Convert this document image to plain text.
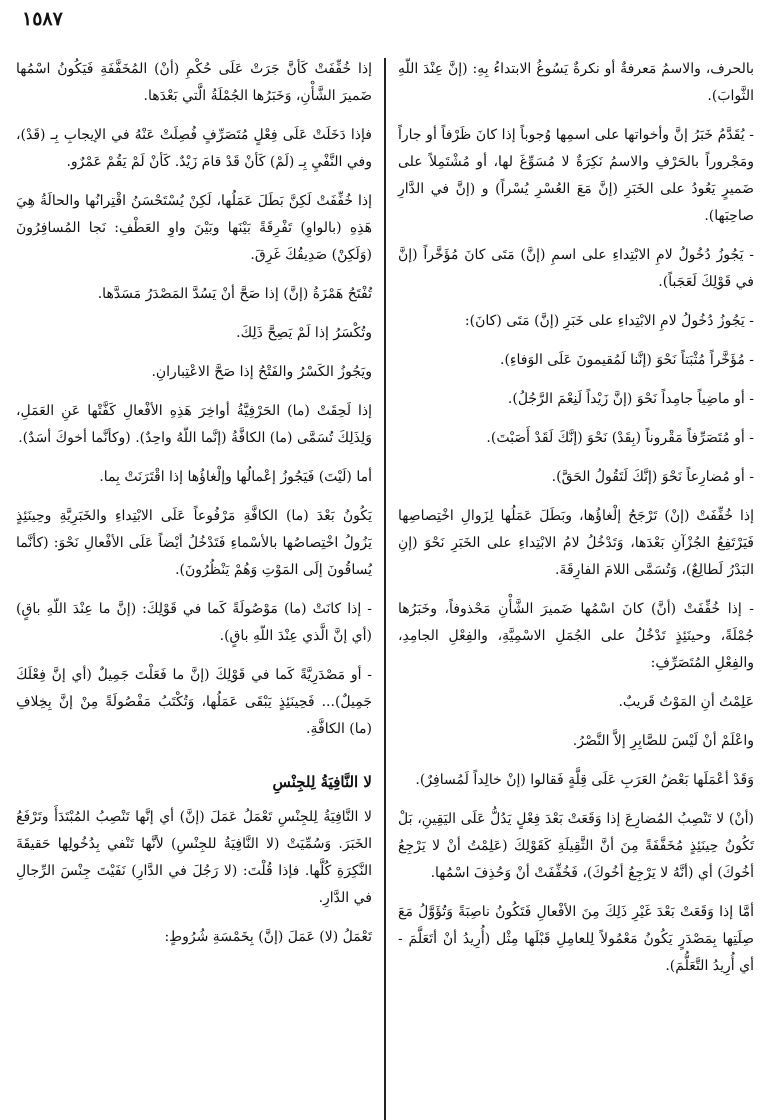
١٥٨٧

بالحرف، والاسمُ مَعرفةٌ أو نكرةٌ يَسُوغُ الابتداءُ بِهِ: (إنَّ عِنْدَ اللّهِ الثَّوابَ).

- يُقَدَّمُ خَبَرُ إنَّ وأخواتها على اسمِها وُجوباً إذا كانَ ظَرْفاً أو جاراً ومَجْروراً بالحَرْفِ والاسمُ نَكِرَةٌ لا مُسَوِّغَ لها، أو مُشْتَمِلاً على ضَميرٍ يَعُودُ على الخَبَرِ (إنَّ مَعَ العُسْرِ يُسْراً) و (إنَّ في الدَّارِ صاحِبَها).

- يَجُوزُ دُخُولُ لامِ الابْتِداءِ على اسمِ (إنَّ) مَتَى كانَ مُؤَخَّراً (إنَّ في قَوْلِكَ لَعَجَباً).

- يَجُوزُ دُخُولُ لامِ الابْتِداءِ على خَبَرِ (إنَّ) مَتَى (كانَ):

- مُؤَخَّراً مُثْبَتاً نَحْوَ (إنَّنا لَمُقيمونَ عَلَى الوَفاءِ).

- أو ماضِياً جامِداً نَحْوَ (إنَّ زَيْداً لَنِعْمَ الرَّجُلُ).

- أو مُتَصَرِّفاً مَقْروناً (بِقَدْ) نَحْوَ (إنَّكَ لَقَدْ أَصَبْتَ).

- أو مُضارِعاً نَحْوَ (إنَّكَ لَتَقُولُ الحَقَّ).

إذا خُفِّفَتْ (إنْ) تَرْجَحُ إلْغاؤُها، وبَطَلَ عَمَلُها لِزَوالِ اخْتِصاصِها فَيَرْتَفِعُ الجُزْآنِ بَعْدَها، وَتَدْخُلُ لامُ الابْتِداءِ على الخَبَرِ نَحْوَ (إنِ البَدْرُ لَطالِعٌ)، وَتُسَمَّى اللامَ الفارِقَةَ.

- إذا خُفِّفَتْ (أنَّ) كانَ اسْمُها ضَميرَ الشَّأْنِ مَحْذوفاً، وخَبَرُها جُمْلَةً، وحينَئِذٍ تَدْخُلُ على الجُمَلِ الاسْمِيَّةِ، والفِعْلِ الجامِدِ، والفِعْلِ المُتَصَرِّفِ:

عَلِمْتُ أنِ المَوْتُ قَريبٌ.

واعْلَمْ أنْ لَيْسَ للصَّابِرِ إلاَّ النَّصْرُ.

وَقَدْ أعْمَلَها بَعْضُ العَرَبِ عَلَى قِلَّةٍ فَقالوا (إنْ خالِداً لَمُسافِرٌ).

(أنْ) لا تَنْصِبُ المُضارِعَ إذا وَقَعَتْ بَعْدَ فِعْلٍ يَدُلُّ عَلَى اليَقِينِ، بَلْ تَكُونُ حِينَئِذٍ مُخَفَّفَةً مِنَ أنَّ الثَّقِيلَةِ كَقَوْلِكَ (عَلِمْتُ أنْ لا يَرْجِعُ أخُوكَ) أي (أنَّهُ لا يَرْجِعُ أخُوكَ)، فَخُفِّفَتْ أنْ وَحُذِفَ اسْمُها.

أمَّا إذا وَقَعَتْ بَعْدَ غَيْرِ ذَلِكَ مِنَ الأفْعالِ فَتَكُونُ ناصِبَةً وَتُؤَوَّلُ مَعَ صِلَتِها بِمَصْدَرٍ يَكُونُ مَعْمُولاً لِلعامِلِ قَبْلَها مِثْل (أُرِيدُ أنْ أتَعَلَّمَ - أي أُرِيدُ التَّعَلُّمَ).

إذا خُفِّفَتْ كَأنَّ جَرَتْ عَلَى حُكْمِ (أنْ) المُخَفَّفَةِ فَيَكُونُ اسْمُها ضَميرَ الشَّأْنِ، وَخَبَرُها الجُمْلَةُ الَّتي بَعْدَها.

فإذا دَخَلَتْ عَلَى فِعْلٍ مُتَصَرِّفٍ فُصِلَتْ عَنْهُ في الإيجابِ بِـ (قَدْ)، وفي النَّفْيِ بِـ (لَمْ) كَأنْ قَدْ قامَ زَيْدٌ. كَأنْ لَمْ يَقُمْ عَمْرٌو.

إذا خُفِّفَتْ لَكِنَّ بَطَلَ عَمَلُها، لَكِنْ يُسْتَحْسَنُ اقْتِرانُها والحالَةُ هِيَ هَذِهِ (بالواوِ) تَفْرِقَةً بَيْنَها وبَيْنَ واوِ العَطْفِ: نَجا المُسافِرُونَ (وَلَكِنْ) صَدِيقُكَ غَرِقَ.

تُفْتَحُ هَمْزَةُ (إنَّ) إذا صَحَّ أنْ يَسُدَّ المَصْدَرُ مَسَدَّها.

وتُكْسَرُ إذا لَمْ يَصِحَّ ذَلِكَ.

ويَجُوزُ الكَسْرُ والفَتْحُ إذا صَحَّ الاعْتِبارانِ.

إذا لَحِقَتْ (ما) الحَرْفِيَّةُ أواخِرَ هَذِهِ الأفْعالِ كَفَّتْها عَنِ العَمَلِ، وَلِذَلِكَ تُسَمَّى (ما) الكافَّةُ (إنَّما اللّهُ واحِدٌ). (وكأنَّما أخوكَ أسَدٌ).

أما (لَيْتَ) فَيَجُوزُ إعْمالُها وإلْغاؤُها إذا اقْتَرَنَتْ بِما.

يَكُونُ بَعْدَ (ما) الكافَّةِ مَرْفُوعاً عَلَى الابْتِداءِ والخَبَرِيَّةِ وحِينَئِذٍ يَزُولُ اخْتِصاصُها بالأسْماءِ فَتَدْخُلُ أيْضاً عَلَى الأفْعالِ نَحْوَ: (كأنَّما يُساقُونَ إلَى المَوْتِ وَهُمْ يَنْظُرُونَ).

- إذا كانَتْ (ما) مَوْصُولَةً كَما في قَوْلِكَ: (إنَّ ما عِنْدَ اللّهِ باقٍ) (أي إنَّ الَّذي عِنْدَ اللّهِ باقٍ).

- أو مَصْدَرِيَّةً كَما في قَوْلِكَ (إنَّ ما فَعَلْتَ جَمِيلٌ (أي إنَّ فِعْلَكَ جَمِيلٌ)... فَحِينَئِذٍ يَبْقَى عَمَلُها، وَتُكْتَبُ مَفْصُولَةً مِنْ إنَّ بِخِلافِ (ما) الكافَّةِ.

لا النَّافِيَةُ لِلجِنْسِ

لا النَّافِيَةُ لِلجِنْسِ تَعْمَلُ عَمَلَ (إنَّ) أي إنَّها تَنْصِبُ المُبْتَدَأَ وتَرْفَعُ الخَبَرَ. وَسُمِّيَتْ (لا النَّافِيَةُ للجِنْسِ) لأنَّها تَنْفي بِدُخُولِها حَقيقَةَ النَّكِرَةِ كُلَّها. فإذا قُلْتَ: (لا رَجُلَ في الدَّارِ) نَفَيْتَ جِنْسَ الرِّجالِ في الدَّارِ.

تَعْمَلُ (لا) عَمَلَ (إنَّ) بِخَمْسَةِ شُرُوطٍ:
